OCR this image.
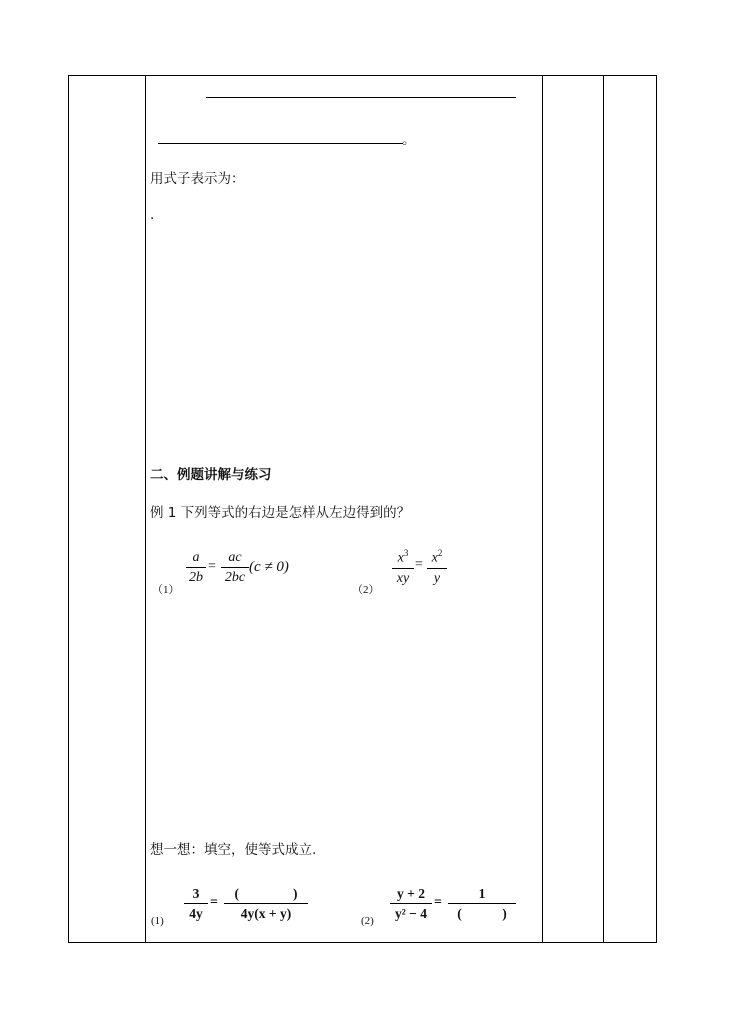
。
用式子表示为：
.
二、例题讲解与练习
例 1 下列等式的右边是怎样从左边得到的？
（1）
a
2b
=
ac
2bc
(c ≠ 0)
（2）
$x^3$
xy
= $x^2$
y
想一想：填空，使等式成立.
(1)
3
4y
=
(                )
4y(x + y)	(2)
y + 2
y² − 4
=
1
(            )
